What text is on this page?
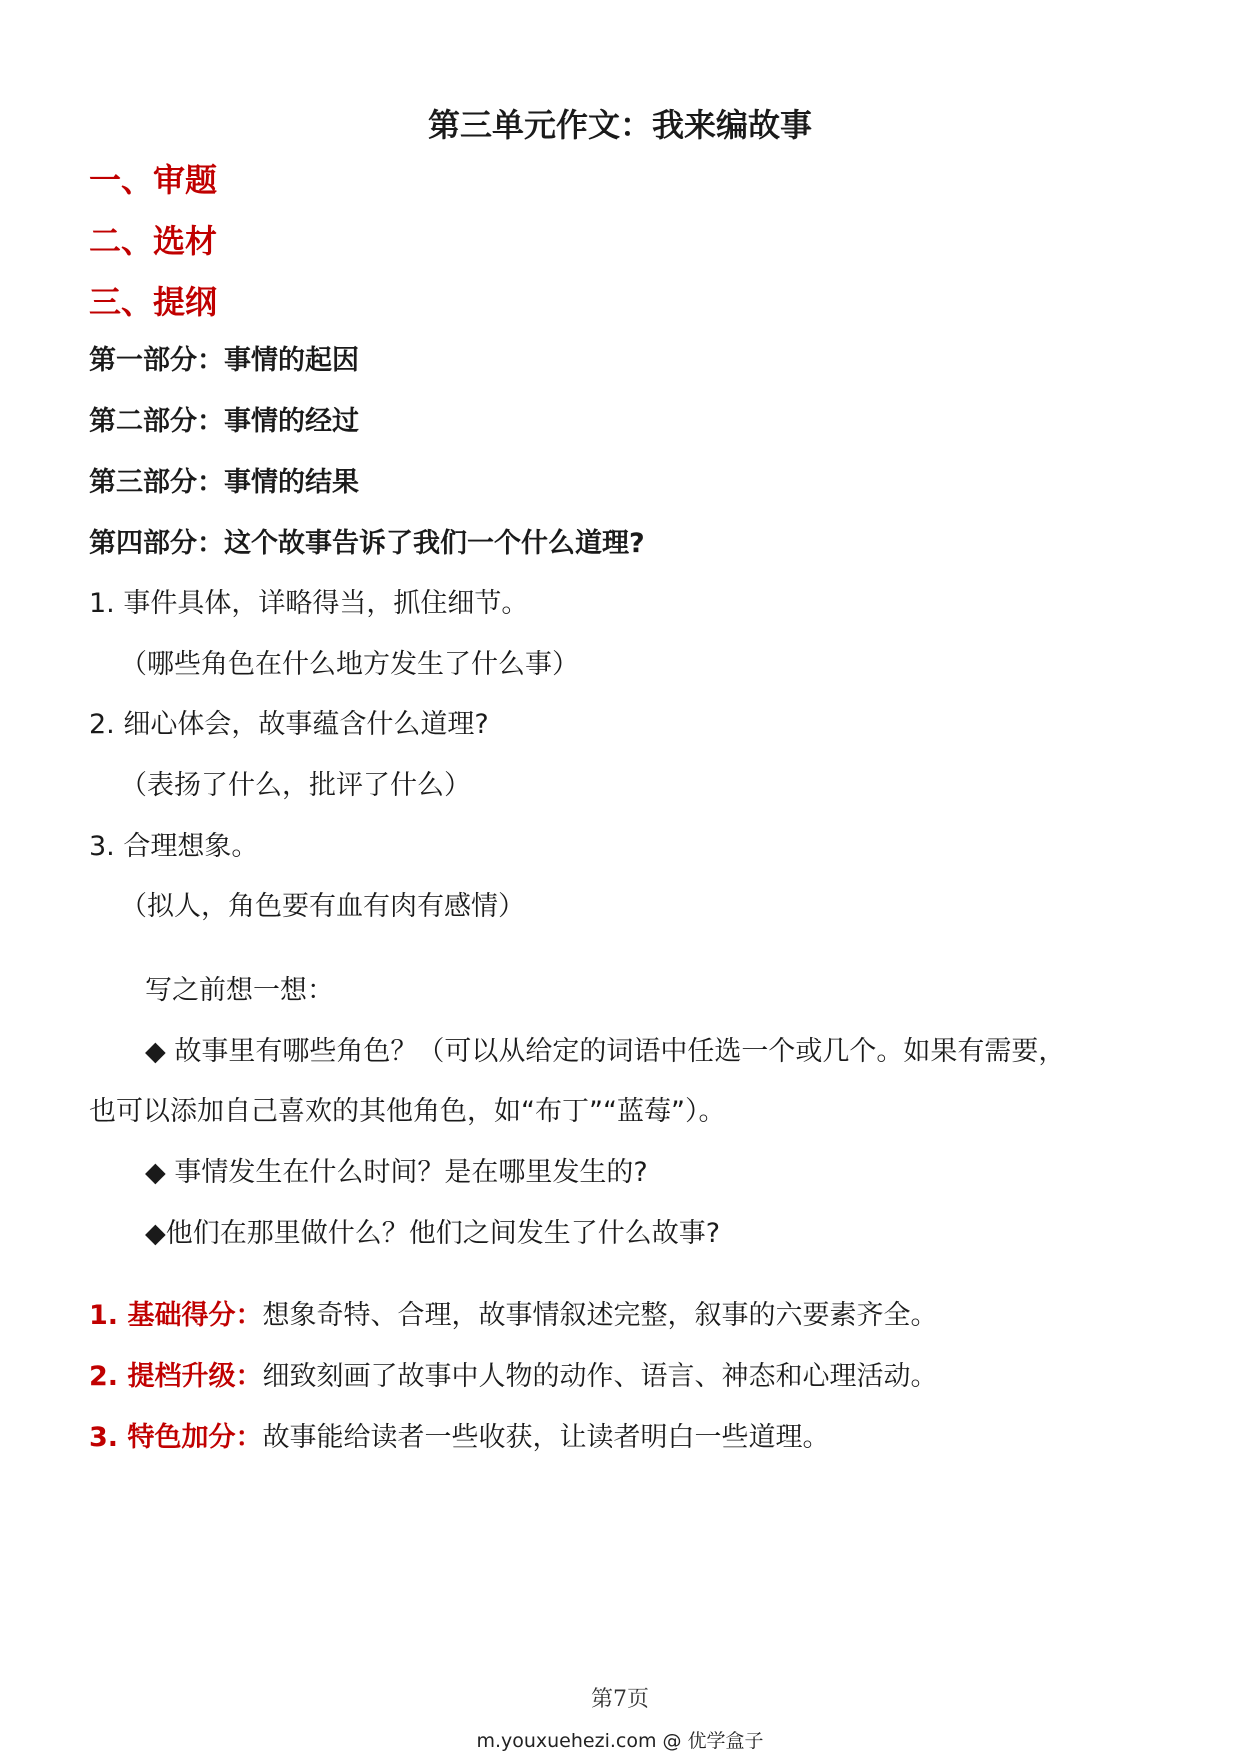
第三单元作文：我来编故事
一、审题
二、选材
三、提纲
第一部分：事情的起因
第二部分：事情的经过
第三部分：事情的结果
第四部分：这个故事告诉了我们一个什么道理?
1. 事件具体，详略得当，抓住细节。
（哪些角色在什么地方发生了什么事）
2. 细心体会，故事蕴含什么道理?
（表扬了什么，批评了什么）
3. 合理想象。
（拟人，角色要有血有肉有感情）
写之前想一想：
◆ 故事里有哪些角色？（可以从给定的词语中任选一个或几个。如果有需要，
也可以添加自己喜欢的其他角色，如“布丁”“蓝莓”）。
◆ 事情发生在什么时间？是在哪里发生的?
◆他们在那里做什么？他们之间发生了什么故事?
1. 基础得分：想象奇特、合理，故事情叙述完整，叙事的六要素齐全。
2. 提档升级：细致刻画了故事中人物的动作、语言、神态和心理活动。
3. 特色加分：故事能给读者一些收获，让读者明白一些道理。
第7页
m.youxuehezi.com @ 优学盒子
